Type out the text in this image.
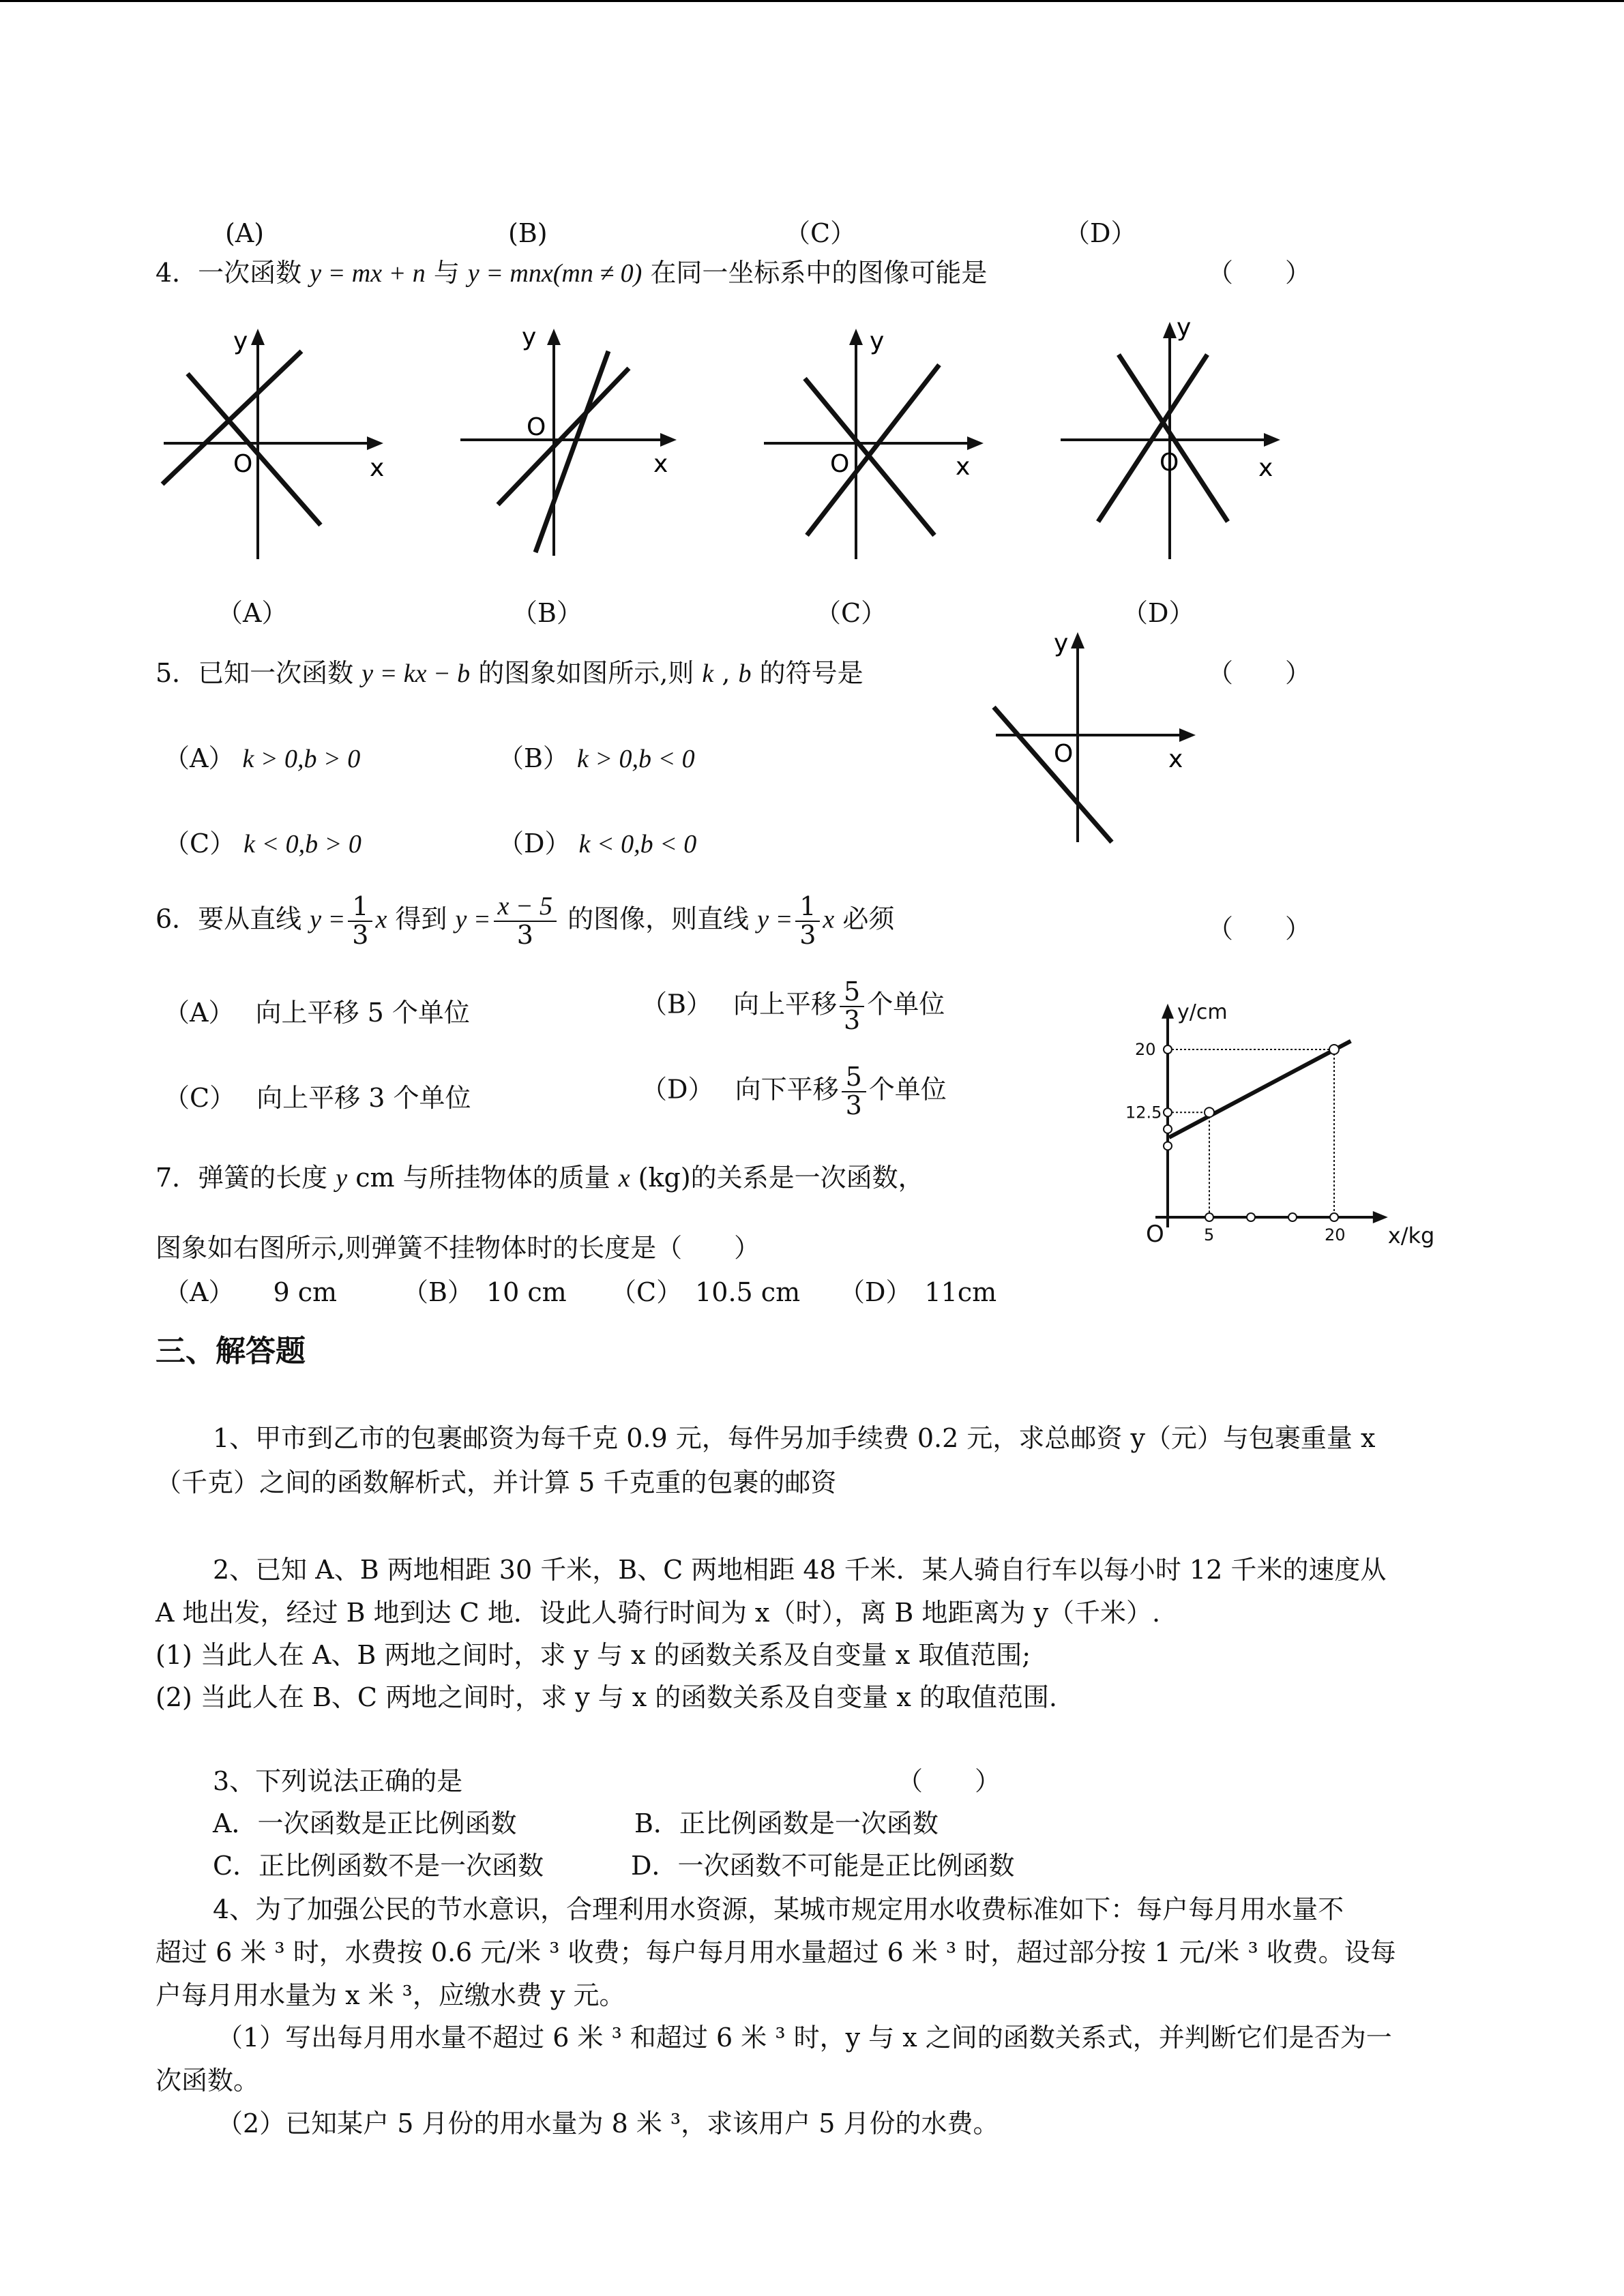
(A)	(B)	（C）	（D）
4．一次函数 y = mx + n 与 y = mnx(mn ≠ 0) 在同一坐标系中的图像可能是	（　　）
y
x
O
y
x
O
y
x
O
y
x
O
（A）	（B）	（C）	（D）
5．已知一次函数 y = kx − b 的图象如图所示,则 k , b 的符号是	（　　）
（A） k > 0,b > 0	（B） k > 0,b < 0
（C） k < 0,b > 0	（D） k < 0,b < 0
y
x
O
6．要从直线 $y = \frac{1}{3}$ x 得到 $y = \frac{x - 5}{3}$ 的图像，则直线 $y = \frac{1}{3}$ x 必须	（　　）
（A）　 向上平移 5 个单位	（B）　 向上平移 $\frac{5}{3}$ 个单位
（C）　 向上平移 3 个单位	（D）　 向下平移 $\frac{5}{3}$ 个单位
y/cm
x/kg
O 5	20
12.5
20
7．弹簧的长度 y cm 与所挂物体的质量 x (kg)的关系是一次函数，
图象如右图所示,则弹簧不挂物体时的长度是（　　）
（A）　　 9 cm	（B）　 10 cm （C）　 10.5 cm （D）　 11cm
三、解答题
1、甲市到乙市的包裹邮资为每千克 0.9 元，每件另加手续费 0.2 元，求总邮资 y（元）与包裹重量 x
（千克）之间的函数解析式，并计算 5 千克重的包裹的邮资
2、已知 A、B 两地相距 30 千米，B、C 两地相距 48 千米．某人骑自行车以每小时 12 千米的速度从
A 地出发，经过 B 地到达 C 地．设此人骑行时间为 x（时），离 B 地距离为 y（千米）.
(1) 当此人在 A、B 两地之间时，求 y 与 x 的函数关系及自变量 x 取值范围;
(2) 当此人在 B、C 两地之间时，求 y 与 x 的函数关系及自变量 x 的取值范围.
3、下列说法正确的是	（　　）
A．一次函数是正比例函数	B．正比例函数是一次函数
C．正比例函数不是一次函数	D．一次函数不可能是正比例函数
4、为了加强公民的节水意识，合理利用水资源，某城市规定用水收费标准如下：每户每月用水量不
超过 6 米 ³ 时，水费按 0.6 元/米 ³ 收费；每户每月用水量超过 6 米 ³ 时，超过部分按 1 元/米 ³ 收费。设每
户每月用水量为 x 米 ³，应缴水费 y 元。
（1）写出每月用水量不超过 6 米 ³ 和超过 6 米 ³ 时，y 与 x 之间的函数关系式，并判断它们是否为一
次函数。
（2）已知某户 5 月份的用水量为 8 米 ³，求该用户 5 月份的水费。
